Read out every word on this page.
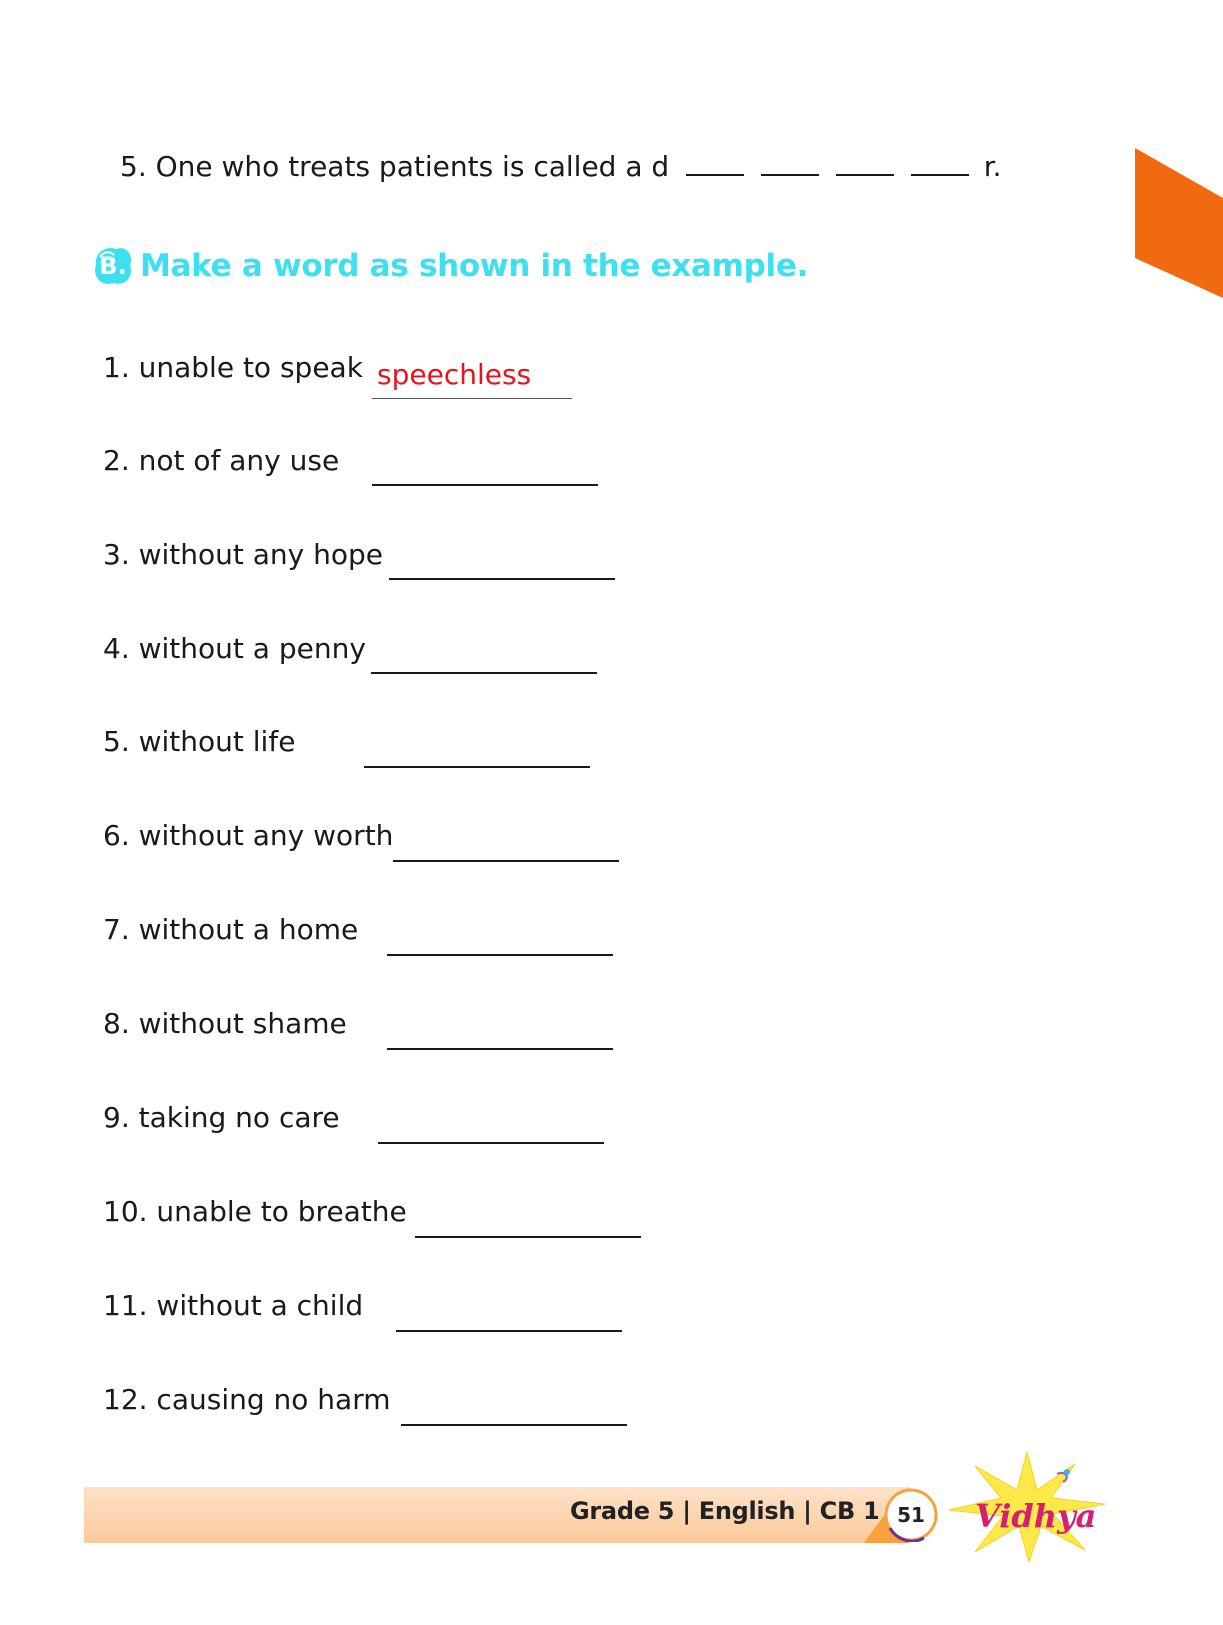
5. One who treats patients is called a d	r.
B. Make a word as shown in the example.
1. unable to speak speechless
2. not of any use
3. without any hope
4. without a penny
5. without life
6. without any worth
7. without a home
8. without shame
9. taking no care
10. unable to breathe
11. without a child
12. causing no harm
Grade 5 | English | CB 1 51	Vidhya
